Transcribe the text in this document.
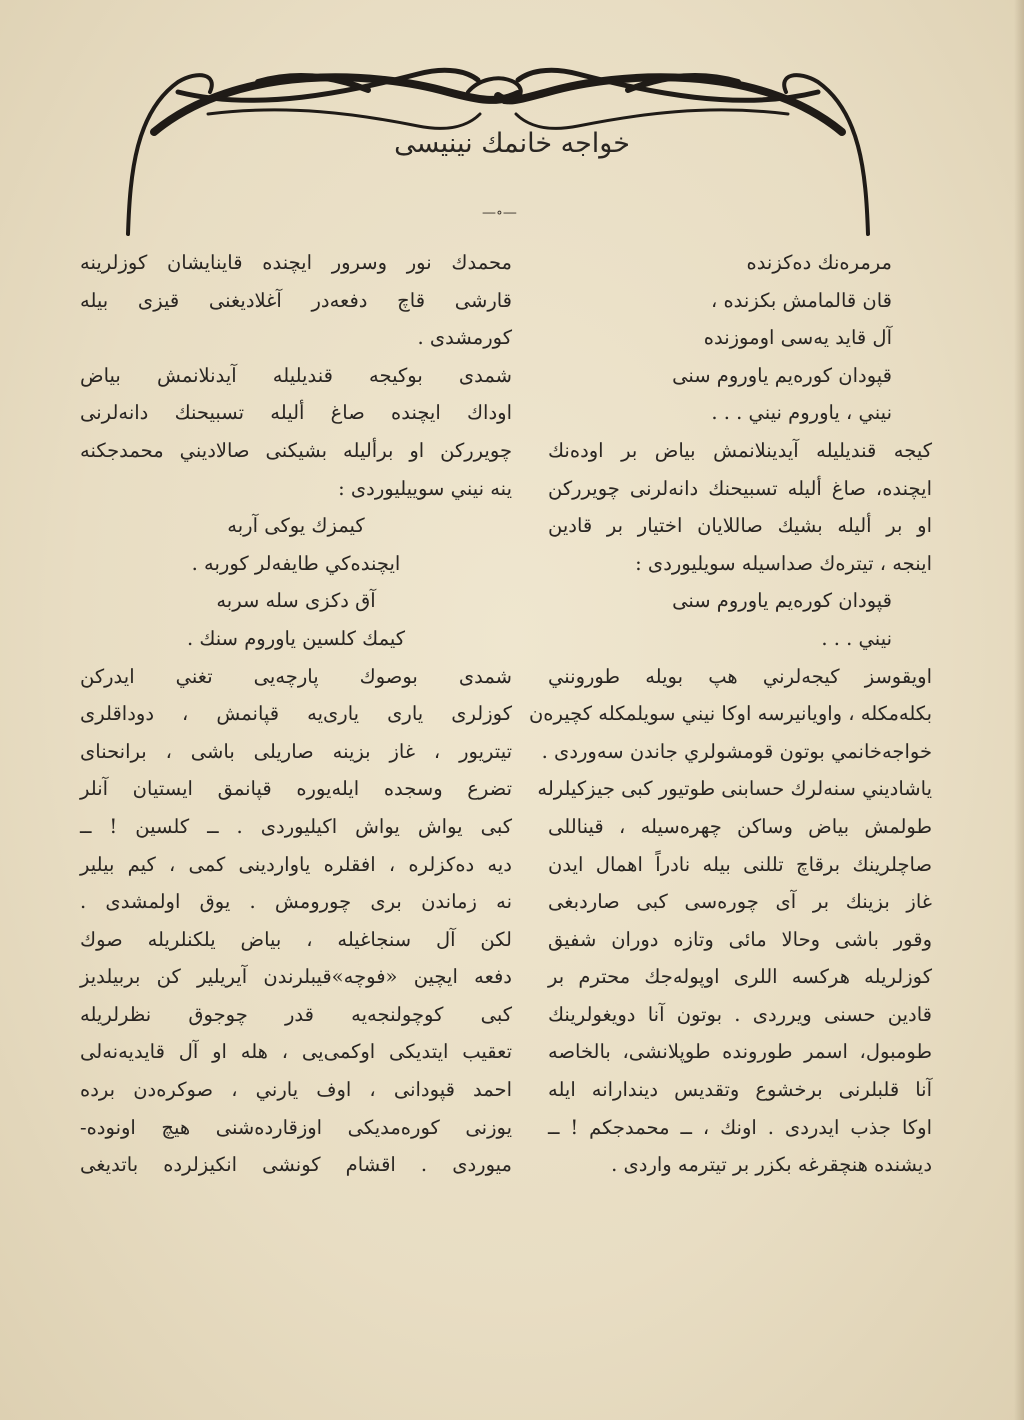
خواجه خانمك نينيسى
—∘—
مرمره‌نك ده‌كزنده
قان قالمامش بكزنده ،
آل قايد يه‌سى اوموزنده
قپودان كوره‌يم ياوروم سنى
نيني ، ياوروم نيني . . .
كيجه قنديليله آيدينلانمش بياض بر اوده‌نك
ايچنده، صاغ أليله تسبيحنك دانه‌لرنى چويرركن
او بر أليله بشيك صاللايان اختيار بر قادين
اينجه ، تيتره‌ك صداسيله سويليوردى :
قپودان كوره‌يم ياوروم سنى
نيني . . .
اويقوسز كيجه‌لرني هپ بويله طورونني
بكله‌مكله ، واويانيرسه اوكا نيني سويلمكله كچيره‌ن
خواجه‌خانمي بوتون قومشولري جاندن سه‌وردى .
ياشاديني سنه‌لرك حسابنى طوتيور كبى جيزكيلرله
طولمش بياض وساكن چهره‌سيله ، قيناللى
صاچلرينك برقاچ تللنى بيله نادراً اهمال ايدن
غاز بزينك بر آى چوره‌سى كبى صاردبغى
وقور باشى وحالا مائى وتازه دوران شفيق
كوزلريله هركسه اللرى اوپوله‌جك محترم بر
قادين حسنى ويرردى . بوتون آنا دويغولرينك
طومبول، اسمر طورونده طوپلانشى، بالخاصه
آنا قلبلرنى برخشوع وتقديس ديندارانه ايله
اوكا جذب ايدردى . اونك ، ــ محمدجكم ! ــ
ديشنده هنچقرغه بكزر بر تيترمه واردى .
محمدك نور وسرور ايچنده قاينايشان كوزلرينه
قارشى قاچ دفعه‌در آغلاديغنى قيزى بيله
كورمشدى .
شمدى بوكيجه قنديليله آيدنلانمش بياض
اوداك ايچنده صاغ أليله تسبيحنك دانه‌لرنى
چويرركن او برأليله بشيكنى صالاديني محمدجكنه
ينه نيني سوييليوردى :
كيمزك يوكى آربه
ايچنده‌كي طايفه‌لر كوربه .
آق دكزى سله سربه
كيمك كلسين ياوروم سنك .
شمدى بوصوك پارچه‌يى تغني ايدركن
كوزلرى يارى يارى‌يه قپانمش ، دوداقلرى
تيتريور ، غاز بزينه صاريلى باشى ، برانحناى
تضرع وسجده ايله‌يوره قپانمق ايستيان آنلر
كبى يواش يواش اكيليوردى . ــ كلسين ! ــ
ديه ده‌كزلره ، افقلره ياواردينى كمى ، كيم بيلير
نه زماندن برى چورومش . يوق اولمشدى .
لكن آل سنجاغيله ، بياض يلكنلريله صوك
دفعه ايچين «فوچه»قيبلرندن آيريلير كن بربيلديز
كبى كوچولنجه‌يه قدر چوجوق نظرلريله
تعقيب ايتديكى اوكمى‌يى ، هله او آل قايديه‌نه‌لى
احمد قپودانى ، اوف يارني ، صوكره‌دن برده
يوزنى كوره‌مديكى اوزقارده‌شنى هيچ اونوده-
ميوردى . اقشام كونشى انكيزلرده باتديغى
